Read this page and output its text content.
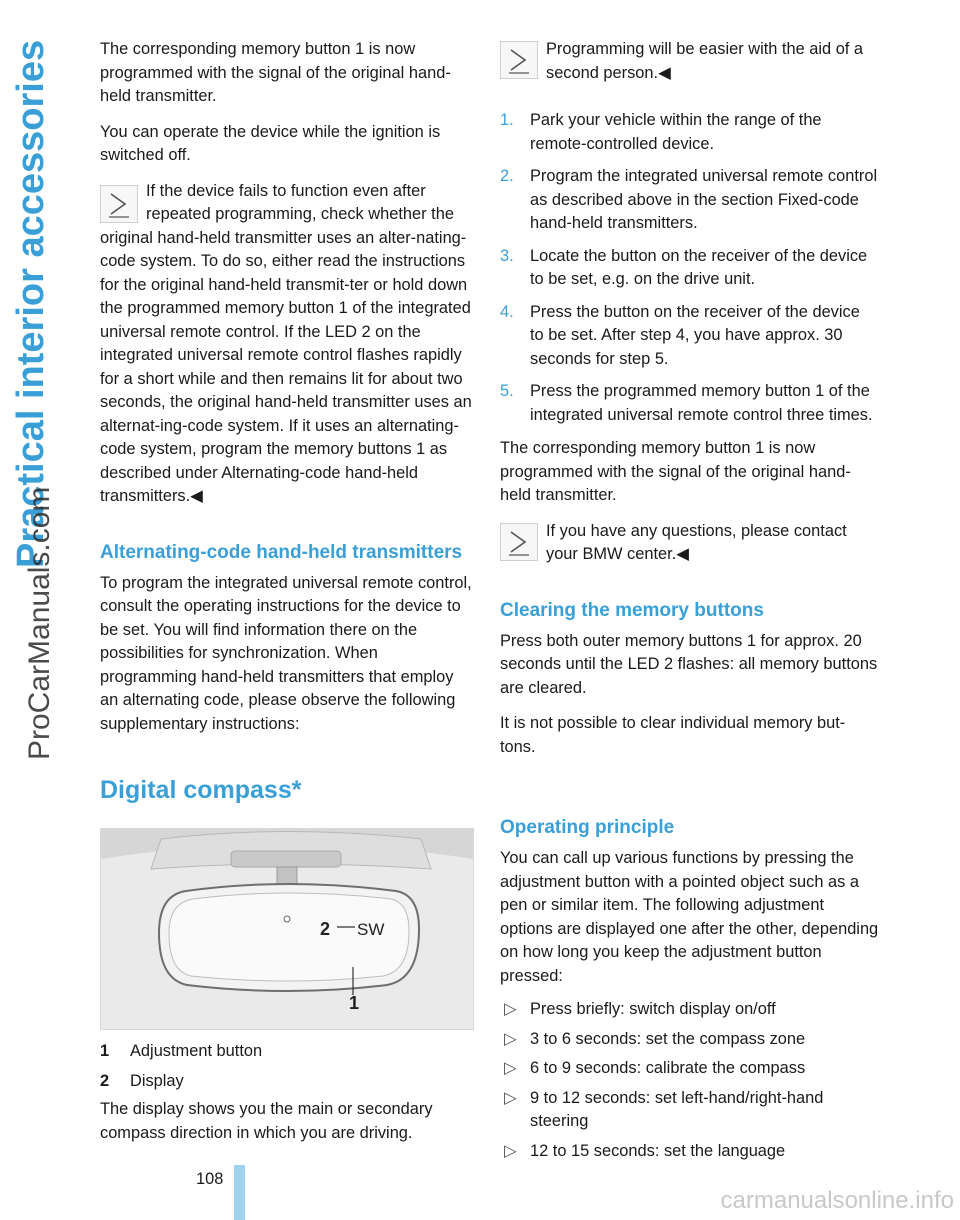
Practical interior accessories
ProCarManuals.com

The corresponding memory button 1 is now programmed with the signal of the original hand-held transmitter.

You can operate the device while the ignition is switched off.

If the device fails to function even after repeated programming, check whether the original hand-held transmitter uses an alter-nating-code system. To do so, either read the instructions for the original hand-held transmit-ter or hold down the programmed memory button 1 of the integrated universal remote control. If the LED 2 on the integrated universal remote control flashes rapidly for a short while and then remains lit for about two seconds, the original hand-held transmitter uses an alternat-ing-code system. If it uses an alternating-code system, program the memory buttons 1 as described under Alternating-code hand-held transmitters.◀

Alternating-code hand-held transmitters

To program the integrated universal remote control, consult the operating instructions for the device to be set. You will find information there on the possibilities for synchronization. When programming hand-held transmitters that employ an alternating code, please observe the following supplementary instructions:

Programming will be easier with the aid of a second person.◀

1. Park your vehicle within the range of the remote-controlled device.
2. Program the integrated universal remote control as described above in the section Fixed-code hand-held transmitters.
3. Locate the button on the receiver of the device to be set, e.g. on the drive unit.
4. Press the button on the receiver of the device to be set. After step 4, you have approx. 30 seconds for step 5.
5. Press the programmed memory button 1 of the integrated universal remote control three times.

The corresponding memory button 1 is now programmed with the signal of the original hand-held transmitter.

If you have any questions, please contact your BMW center.◀

Clearing the memory buttons

Press both outer memory buttons 1 for approx. 20 seconds until the LED 2 flashes: all memory buttons are cleared.

It is not possible to clear individual memory but-tons.

Digital compass*
1
2 SW
1	Adjustment button
2	Display
The display shows you the main or secondary compass direction in which you are driving.
Operating principle

You can call up various functions by pressing the adjustment button with a pointed object such as a pen or similar item. The following adjustment options are displayed one after the other, depending on how long you keep the adjustment button pressed:

▷ Press briefly: switch display on/off
▷ 3 to 6 seconds: set the compass zone
▷ 6 to 9 seconds: calibrate the compass
▷ 9 to 12 seconds: set left-hand/right-hand steering
▷ 12 to 15 seconds: set the language
108
carmanualsonline.info
